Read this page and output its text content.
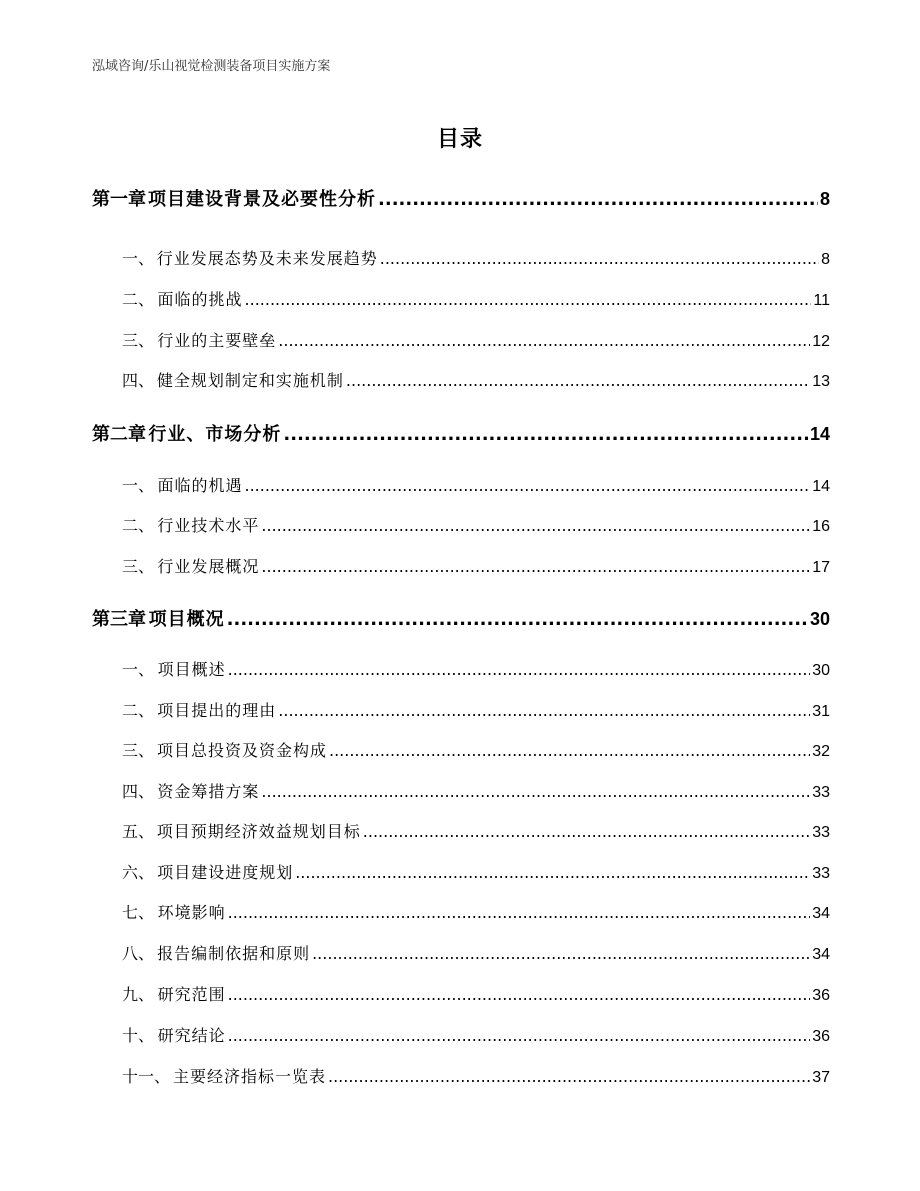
泓域咨询/乐山视觉检测装备项目实施方案
目录
第一章 项目建设背景及必要性分析 .....	8
一、 行业发展态势及未来发展趋势 .....	8
二、 面临的挑战 .....	11
三、 行业的主要壁垒 .....	12
四、 健全规划制定和实施机制 .....	13
第二章 行业、市场分析 .....	14
一、 面临的机遇 .....	14
二、 行业技术水平 .....	16
三、 行业发展概况 .....	17
第三章 项目概况 .....	30
一、 项目概述 .....	30
二、 项目提出的理由 .....	31
三、 项目总投资及资金构成 .....	32
四、 资金筹措方案 .....	33
五、 项目预期经济效益规划目标 .....	33
六、 项目建设进度规划 .....	33
七、 环境影响 .....	34
八、 报告编制依据和原则 .....	34
九、 研究范围 .....	36
十、 研究结论 .....	36
十一、 主要经济指标一览表 .....	37
